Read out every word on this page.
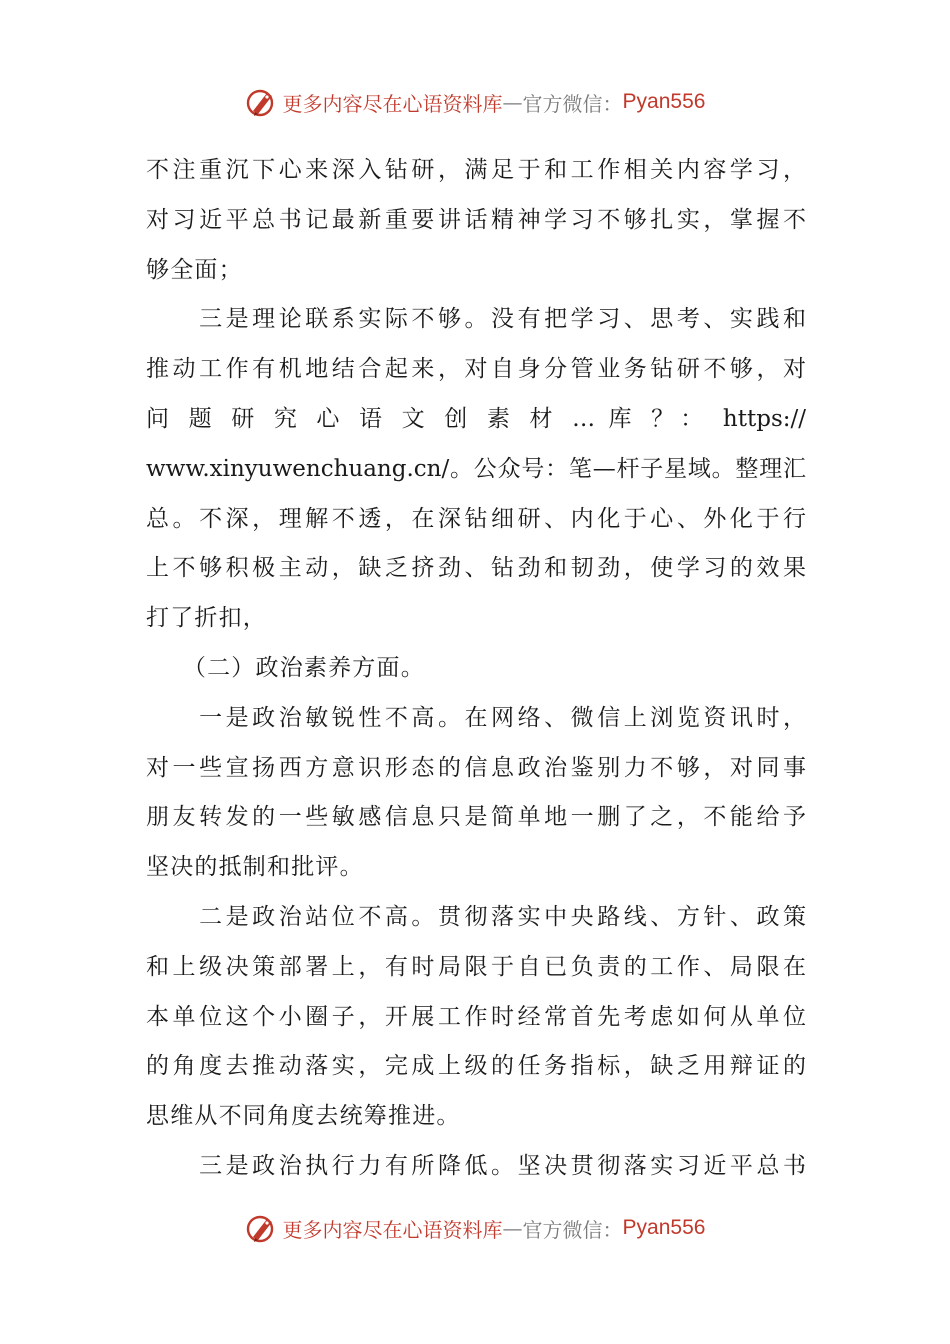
更多内容尽在心语资料库 — 官方微信： Pyan556
不注重沉下心来深入钻研，满足于和工作相关内容学习，
对习近平总书记最新重要讲话精神学习不够扎实，掌握不
够全面；
　　三是理论联系实际不够。没有把学习、思考、实践和
推动工作有机地结合起来，对自身分管业务钻研不够，对
问 题 研 究 心 语 文 创 素 材 … 库 ？： https://
www.xinyuwenchuang.cn/。公众号：笔—杆子星域。整理汇
总。不深，理解不透，在深钻细研、内化于心、外化于行
上不够积极主动，缺乏挤劲、钻劲和韧劲，使学习的效果
打了折扣，
　　（二）政治素养方面。
　　一是政治敏锐性不高。在网络、微信上浏览资讯时，
对一些宣扬西方意识形态的信息政治鉴别力不够，对同事
朋友转发的一些敏感信息只是简单地一删了之，不能给予
坚决的抵制和批评。
　　二是政治站位不高。贯彻落实中央路线、方针、政策
和上级决策部署上，有时局限于自已负责的工作、局限在
本单位这个小圈子，开展工作时经常首先考虑如何从单位
的角度去推动落实，完成上级的任务指标，缺乏用辩证的
思维从不同角度去统筹推进。
　　三是政治执行力有所降低。坚决贯彻落实习近平总书
更多内容尽在心语资料库 — 官方微信： Pyan556
